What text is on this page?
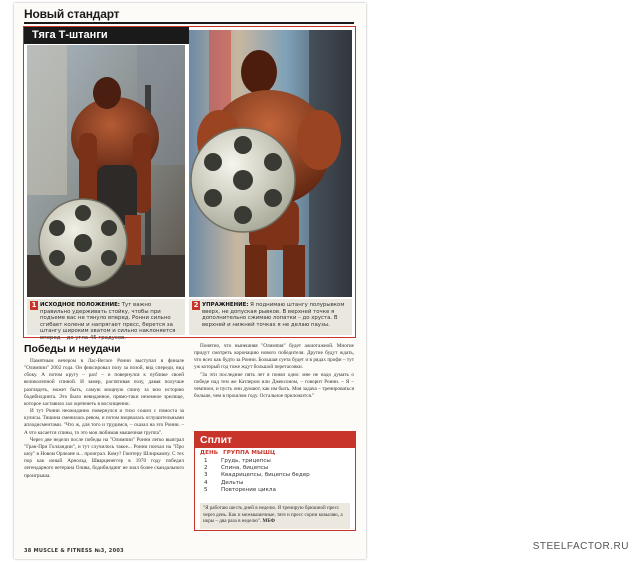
Новый стандарт
Тяга Т-штанги
1 ИСХОДНОЕ ПОЛОЖЕНИЕ: Тут важно правильно удерживать стойку, чтобы при подъеме вас не тянуло вперед. Ронни сильно сгибает колени и напрягает пресс, берется за штангу широким хватом и сильно наклоняется вперед – до угла 45 градусов.
2 УПРАЖНЕНИЕ: Я поднимаю штангу полурывком вверх, не допуская рывков. В верхней точке я дополнительно сжимаю лопатки – до хруста. В верхней и нижней точках я не делаю паузы.
Победы и неудачи

Памятным вечером в Лас-Вегасе Ронни выступал в финале "Олимпии" 2002 года. Он фиксировал позу за позой, вид спереди, вид сбоку. А потом кругу – раз! – и повернулся к публике своей великолепной спиной. И замер, растягивая позу, давая получше разглядеть, может быть, самую мощную спину за всю историю бодибилдинга. Это было невиданное, прямо-таки неземное зрелище, которое заставило зал оцепенеть в восхищении.

И тут Ронни неожиданно повернулся и тихо сошел с помоста за кулисы. Тишина сменилась ревом, и потом взорвалась оглушительными аплодисментами. "Что ж, для того и трудимся, – сказал на это Ронни. – А что касается спины, то это моя любимая мышечная группа".

Через две недели после победы на "Олимпии" Ронни легко выиграл "Гран-При Голландии", и тут случилось такое... Ронни поехал на "Про шоу" в Новом Орлеане и... проиграл. Кому? Гюнтеру Шлиркампу. С тех пор как юный Арнольд Шварценеггер в 1970 году победил легендарного ветерана Олива, бодибилдинг не знал более скандального проигрыша.

Понятно, что нынешняя "Олимпия" будет ажиотажной. Многие придут смотреть коронацию нового победителя. Другие будут ждать, что всех как будто за Ронни. Большая суета будет и в рядах профи – тут уж который год тоже ждут большой перетасовки.

"За эти последние пять лет я понял одно: мне не надо думать о победе над тем же Катлером или Джексоном, – говорит Ронни. – Я – чемпион, и пусть они думают, как им быть. Моя задача – тренироваться больше, чем в прошлом году. Остальное приложится."

Сплит
ДЕНЬ ГРУППА МЫШЦ
1	Грудь, трицепсы
2	Спина, бицепсы
3	Квадрицепсы, бицепсы бедер
4	Дельты
5	Повторение цикла
"Я работаю шесть дней в неделю. Я тренирую брюшной пресс через день. Как и межмышечные, тяге и пресс сорни ковыляю, а икры – два раза в неделю". МБФ
38 MUSCLE & FITNESS №3, 2003	STEELFACTOR.RU
